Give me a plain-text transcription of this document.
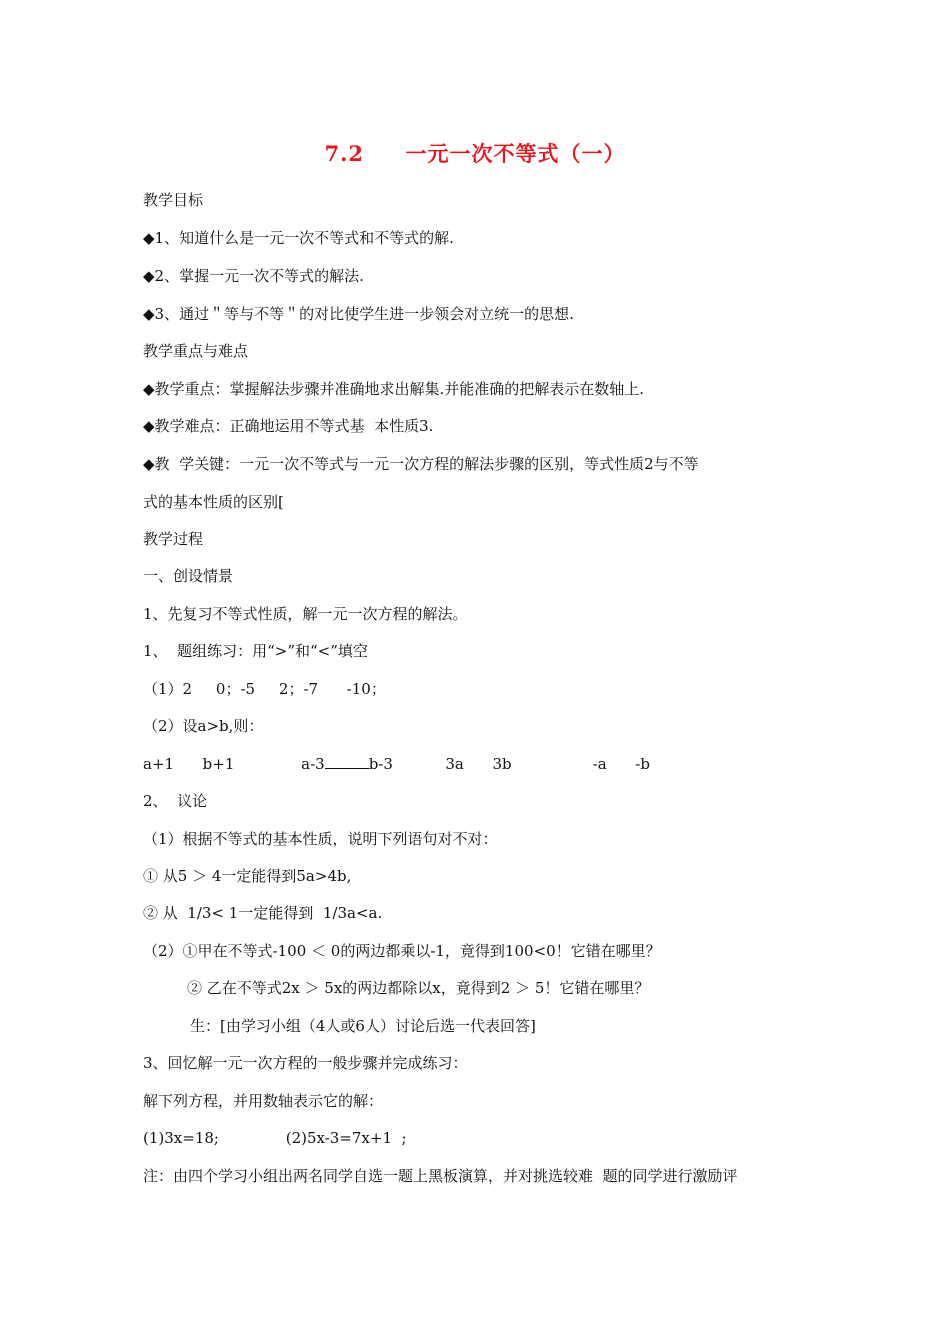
7.2     一元一次不等式（一）
教学目标
◆1、知道什么是一元一次不等式和不等式的解.
◆2、掌握一元一次不等式的解法.
◆3、通过＂等与不等＂的对比使学生进一步领会对立统一的思想.
教学重点与难点
◆教学重点：掌握解法步骤并准确地求出解集.并能准确的把解表示在数轴上.
◆教学难点：正确地运用不等式基  本性质3.
◆教  学关键：一元一次不等式与一元一次方程的解法步骤的区别，等式性质2与不等
式的基本性质的区别[
教学过程
一、创设情景
1、先复习不等式性质，解一元一次方程的解法。
1、  题组练习：用“>”和“<”填空
（1）2     0；-5     2；-7      -10；
（2）设a>b,则：
a+1      b+1              a-3	b-3           3a      3b                 -a      -b
2、  议论
（1）根据不等式的基本性质，说明下列语句对不对：
① 从5 ＞ 4一定能得到5a>4b,
② 从  1/3< 1一定能得到  1/3a<a.
（2）①甲在不等式-100 ＜ 0的两边都乘以-1，竟得到100<0！它错在哪里？
② 乙在不等式2x ＞ 5x的两边都除以x，竟得到2 ＞ 5！它错在哪里？
生：[由学习小组（4人或6人）讨论后选一代表回答]
3、回忆解一元一次方程的一般步骤并完成练习：
解下列方程，并用数轴表示它的解：
(1)3x=18;              (2)5x-3=7x+1  ;
注：由四个学习小组出两名同学自选一题上黑板演算，并对挑选较难  题的同学进行激励评
